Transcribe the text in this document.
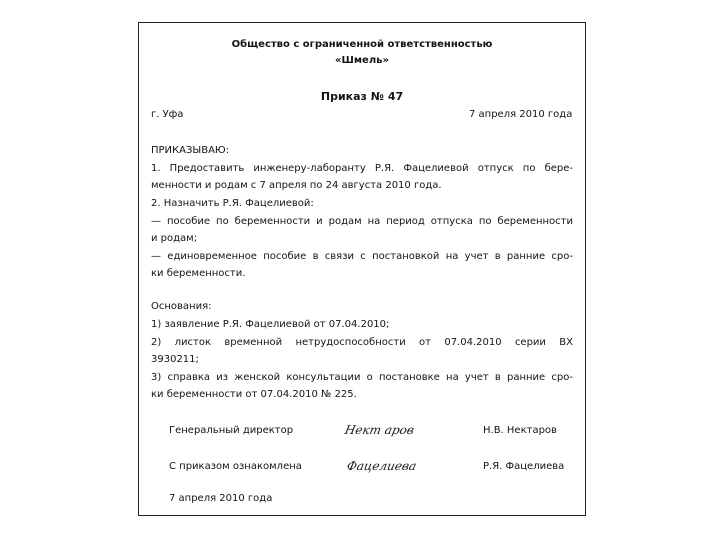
Общество с ограниченной ответственностью
«Шмель»
Приказ № 47
г. Уфа	7 апреля 2010 года
ПРИКАЗЫВАЮ:
1. Предоставить инженеру-лаборанту Р.Я. Фацелиевой отпуск по бере-
менности и родам с 7 апреля по 24 августа 2010 года.
2. Назначить Р.Я. Фацелиевой:
— пособие по беременности и родам на период отпуска по беременности
и родам;
— единовременное пособие в связи с постановкой на учет в ранние сро-
ки беременности.
Основания:
1) заявление Р.Я. Фацелиевой от 07.04.2010;
2) листок временной нетрудоспособности от 07.04.2010 серии ВХ
3930211;
3) справка из женской консультации о постановке на учет в ранние сро-
ки беременности от 07.04.2010 № 225.
Генеральный директор	Нект аров	Н.В. Нектаров
С приказом ознакомлена	Фацелиева	Р.Я. Фацелиева
7 апреля 2010 года
